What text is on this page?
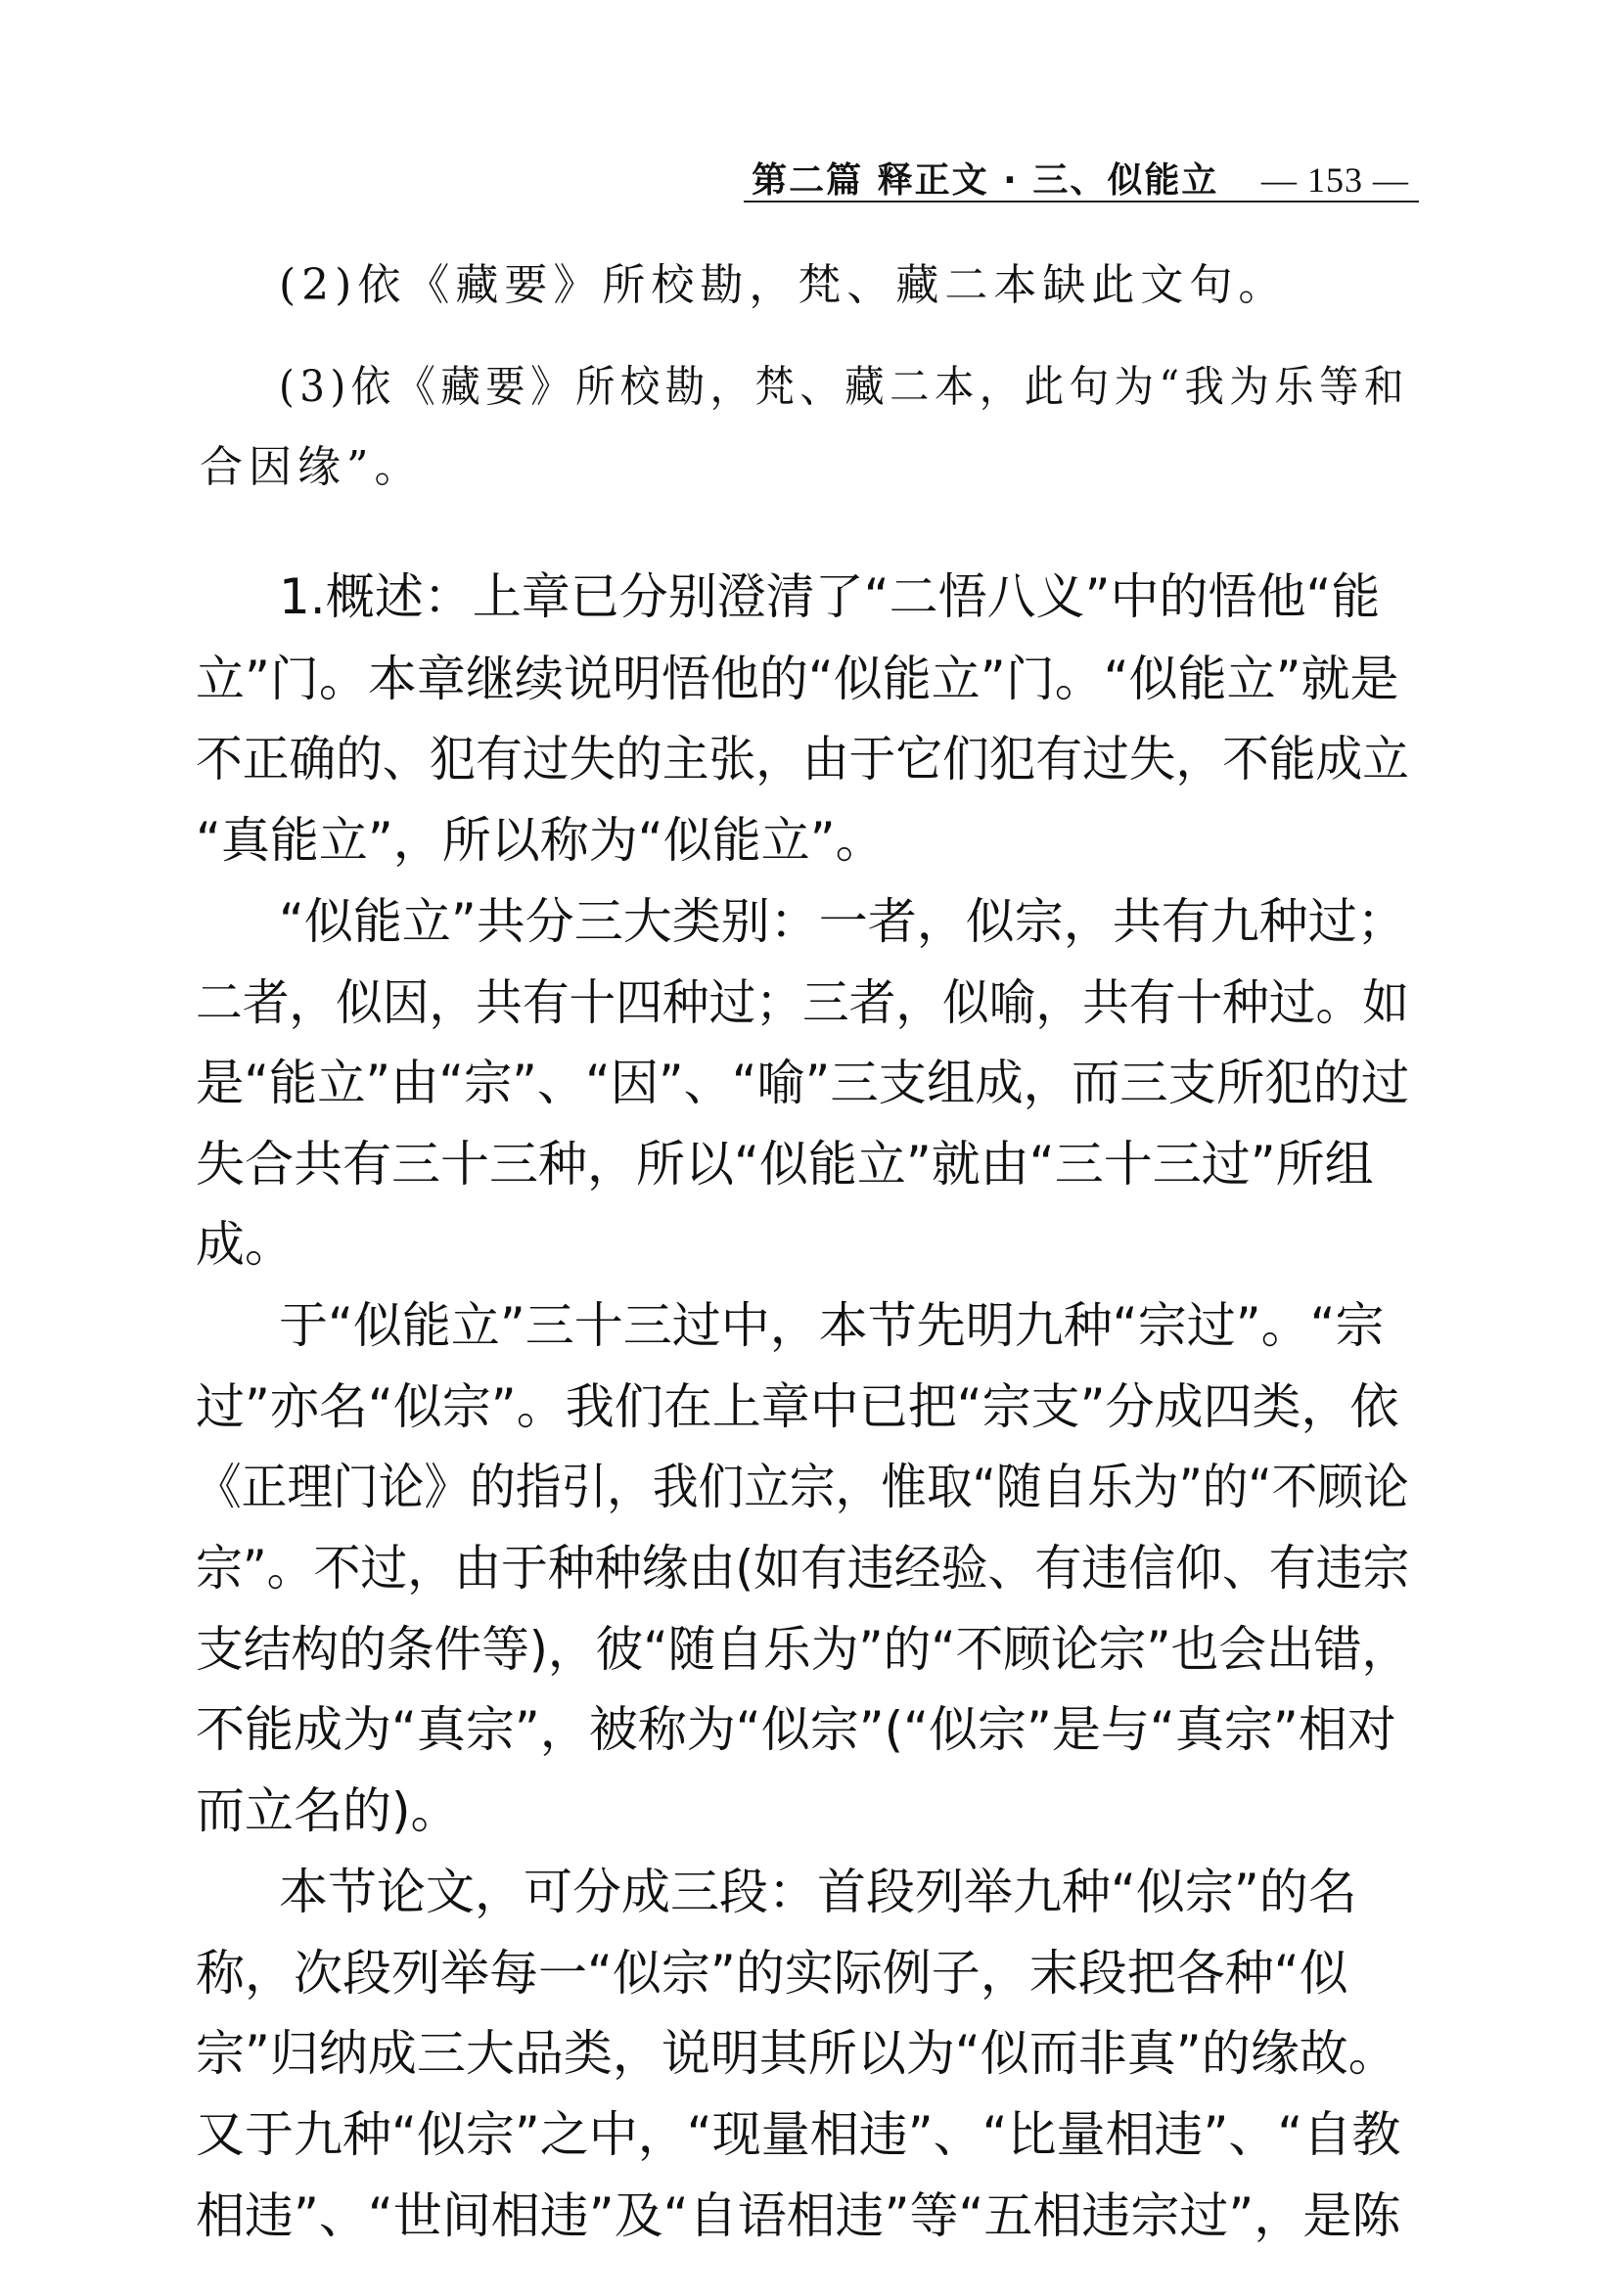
第二篇 释正文 · 三、似能立 — 153 —
(2)依《藏要》所校勘，梵、藏二本缺此文句。
(3)依《藏要》所校勘，梵、藏二本，此句为“我为乐等和
合因缘”。
1.概述：上章已分别澄清了“二悟八义”中的悟他“能
立”门。本章继续说明悟他的“似能立”门。“似能立”就是
不正确的、犯有过失的主张，由于它们犯有过失，不能成立
“真能立”，所以称为“似能立”。
“似能立”共分三大类别：一者，似宗，共有九种过；
二者，似因，共有十四种过；三者，似喻，共有十种过。如
是“能立”由“宗”、“因”、“喻”三支组成，而三支所犯的过
失合共有三十三种，所以“似能立”就由“三十三过”所组
成。
于“似能立”三十三过中，本节先明九种“宗过”。“宗
过”亦名“似宗”。我们在上章中已把“宗支”分成四类，依
《正理门论》的指引，我们立宗，惟取“随自乐为”的“不顾论
宗”。不过，由于种种缘由(如有违经验、有违信仰、有违宗
支结构的条件等)，彼“随自乐为”的“不顾论宗”也会出错，
不能成为“真宗”，被称为“似宗”(“似宗”是与“真宗”相对
而立名的)。
本节论文，可分成三段：首段列举九种“似宗”的名
称，次段列举每一“似宗”的实际例子，末段把各种“似
宗”归纳成三大品类，说明其所以为“似而非真”的缘故。
又于九种“似宗”之中，“现量相违”、“比量相违”、“自教
相违”、“世间相违”及“自语相违”等“五相违宗过”，是陈
